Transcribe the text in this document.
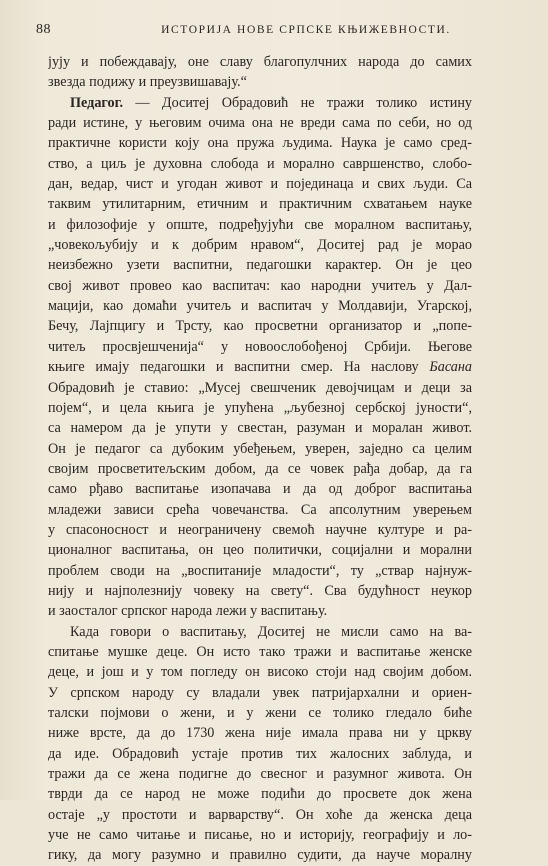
88	ИСТОРИЈА НОВЕ СРПСКЕ КЊИЖЕВНОСТИ.
јују и побеждавају, оне славу благопулчних народа до самих
звезда подижу и преузвишавају.“
Педагог. — Доситеј Обрадовић не тражи толико истину
ради истине, у његовим очима она не вреди сама по себи, но од
практичне користи коју она пружа људима. Наука је само сред-
ство, а циљ је духовна слобода и морално савршенство, слобо-
дан, ведар, чист и угодан живот и појединаца и свих људи. Са
таквим утилитарним, етичним и практичним схватањем науке
и филозофије у опште, подређујући све моралном васпитању,
„човекољубију и к добрим нравом“, Доситеј рад је морао
неизбежно узети васпитни, педагошки карактер. Он је цео
свој живот провео као васпитач: као народни учитељ у Дал-
мацији, као домаћи учитељ и васпитач у Молдавији, Угарској,
Бечу, Лајпцигу и Трсту, као просветни организатор и „попе-
читељ просвјешченија“ у новоослобођеној Србији. Његове
књиге имају педагошки и васпитни смер. На наслову Басана
Обрадовић је ставио: „Мусеј свешченик девојчицам и деци за
појем“, и цела књига је упућена „љубезној сербској јуности“,
са намером да је упути у свестан, разуман и моралан живот.
Он је педагог са дубоким убеђењем, уверен, заједно са целим
својим просветитељским добом, да се човек рађа добар, да га
само рђаво васпитање изопачава и да од доброг васпитања
младежи зависи срећа човечанства. Са апсолутним уверењем
у спасоносност и неограничену свемоћ научне културе и ра-
ционалног васпитања, он цео политички, социјални и морални
проблем своди на „воспитаније младости“, ту „ствар најнуж-
нију и најполезнију човеку на свету“. Сва будућност неукор
и заосталог српског народа лежи у васпитању.
Када говори о васпитању, Доситеј не мисли само на ва-
спитање мушке деце. Он исто тако тражи и васпитање женске
деце, и још и у том погледу он високо стоји над својим добом.
У српском народу су владали увек патријархални и ориен-
талски појмови о жени, и у жени се толико гледало биће
ниже врсте, да до 1730 жена није имала права ни у цркву
да иде. Обрадовић устаје против тих жалосних заблуда, и
тражи да се жена подигне до свесног и разумног живота. Он
тврди да се народ не може подићи до просвете док жена
остаје „у простоти и варварству“. Он хоће да женска деца
уче не само читање и писање, но и историју, географију и ло-
гику, да могу разумно и правилно судити, да науче моралну
